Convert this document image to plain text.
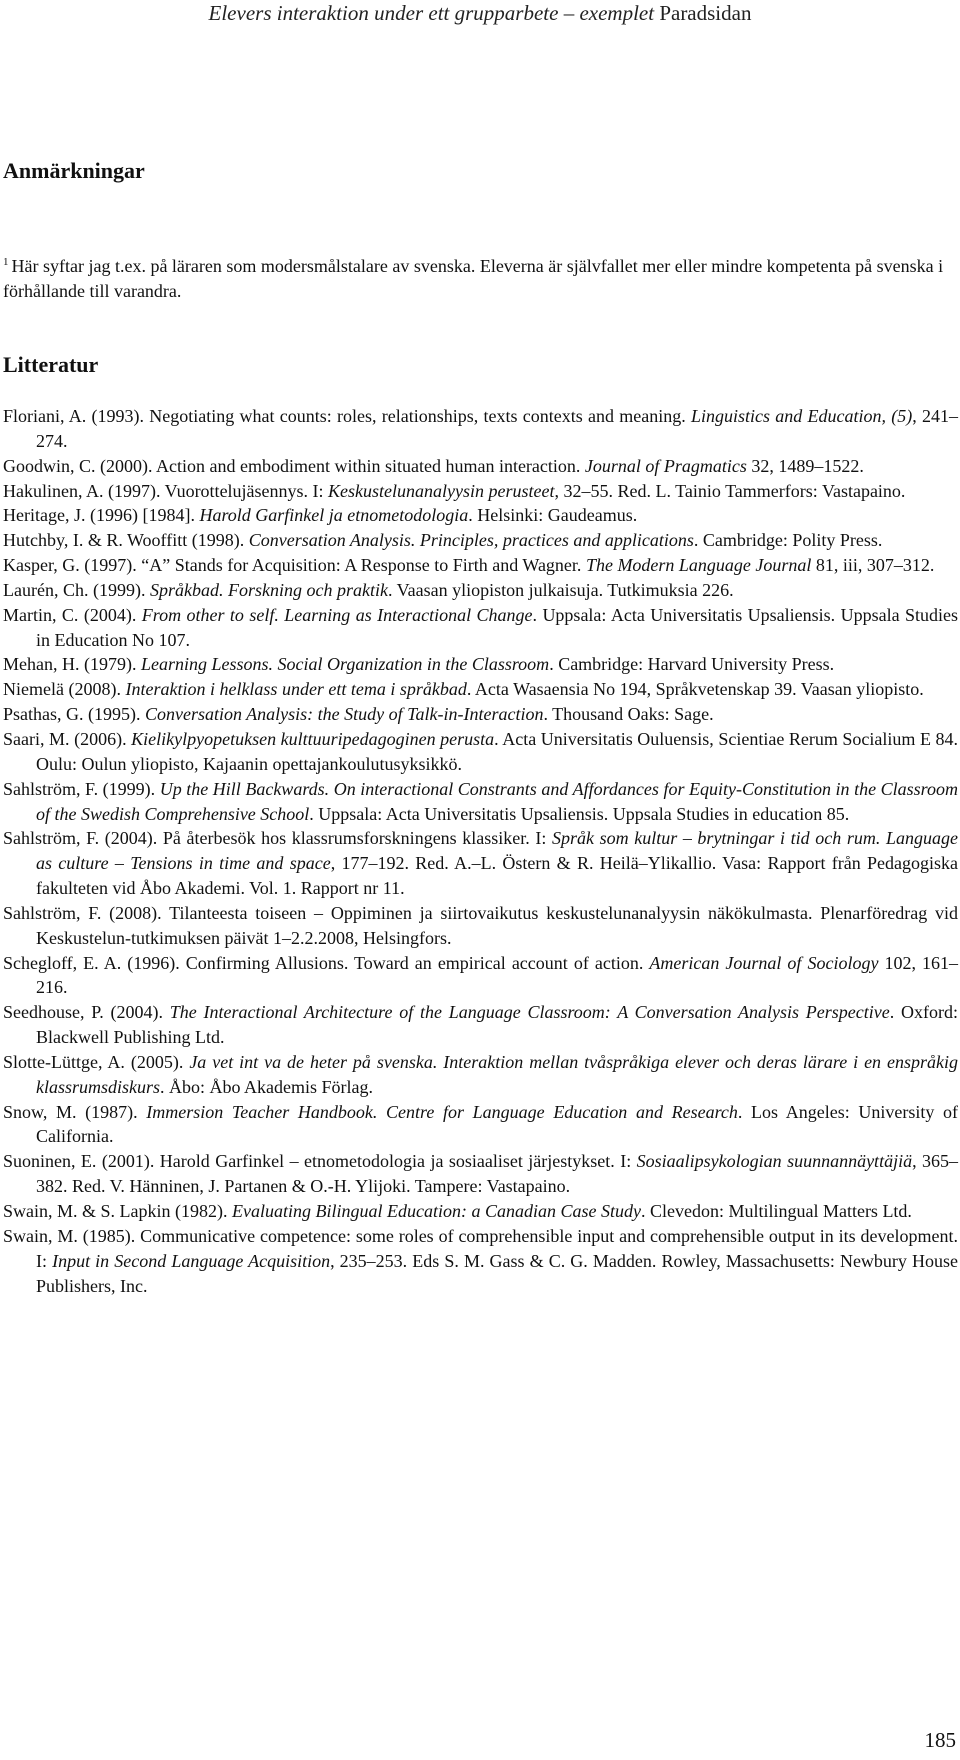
Elevers interaktion under ett grupparbete – exemplet Paradsidan
Anmärkningar
$^1$ Här syftar jag t.ex. på läraren som modersmålstalare av svenska. Eleverna är självfallet mer eller mindre kompetenta på svenska i förhållande till varandra.
Litteratur

Floriani, A. (1993). Negotiating what counts: roles, relationships, texts contexts and meaning. Linguistics and Education, (5), 241–274.

Goodwin, C. (2000). Action and embodiment within situated human interaction. Journal of Pragmatics 32, 1489–1522.

Hakulinen, A. (1997). Vuorottelujäsennys. I: Keskustelunanalyysin perusteet, 32–55. Red. L. Tainio Tammerfors: Vastapaino.

Heritage, J. (1996) [1984]. Harold Garfinkel ja etnometodologia. Helsinki: Gaudeamus.

Hutchby, I. & R. Wooffitt (1998). Conversation Analysis. Principles, practices and applications. Cambridge: Polity Press.

Kasper, G. (1997). “A” Stands for Acquisition: A Response to Firth and Wagner. The Modern Language Journal 81, iii, 307–312.

Laurén, Ch. (1999). Språkbad. Forskning och praktik. Vaasan yliopiston julkaisuja. Tutkimuksia 226.

Martin, C. (2004). From other to self. Learning as Interactional Change. Uppsala: Acta Universitatis Upsaliensis. Uppsala Studies in Education No 107.

Mehan, H. (1979). Learning Lessons. Social Organization in the Classroom. Cambridge: Harvard University Press.

Niemelä (2008). Interaktion i helklass under ett tema i språkbad. Acta Wasaensia No 194, Språkvetenskap 39. Vaasan yliopisto.

Psathas, G. (1995). Conversation Analysis: the Study of Talk-in-Interaction. Thousand Oaks: Sage.

Saari, M. (2006). Kielikylpyopetuksen kulttuuripedagoginen perusta. Acta Universitatis Ouluensis, Scientiae Rerum Socialium E 84. Oulu: Oulun yliopisto, Kajaanin opettajankoulutusyksikkö.

Sahlström, F. (1999). Up the Hill Backwards. On interactional Constrants and Affordances for Equity-Constitution in the Classroom of the Swedish Comprehensive School. Uppsala: Acta Universitatis Upsaliensis. Uppsala Studies in education 85.

Sahlström, F. (2004). På återbesök hos klassrumsforskningens klassiker. I: Språk som kultur – brytningar i tid och rum. Language as culture – Tensions in time and space, 177–192. Red. A.–L. Östern & R. Heilä–Ylikallio. Vasa: Rapport från Pedagogiska fakulteten vid Åbo Akademi. Vol. 1. Rapport nr 11.

Sahlström, F. (2008). Tilanteesta toiseen – Oppiminen ja siirtovaikutus keskustelunanalyysin näkökulmasta. Plenarföredrag vid Keskustelun-tutkimuksen päivät 1–2.2.2008, Helsingfors.

Schegloff, E. A. (1996). Confirming Allusions. Toward an empirical account of action. American Journal of Sociology 102, 161–216.

Seedhouse, P. (2004). The Interactional Architecture of the Language Classroom: A Conversation Analysis Perspective. Oxford: Blackwell Publishing Ltd.

Slotte-Lüttge, A. (2005). Ja vet int va de heter på svenska. Interaktion mellan tvåspråkiga elever och deras lärare i en enspråkig klassrumsdiskurs. Åbo: Åbo Akademis Förlag.

Snow, M. (1987). Immersion Teacher Handbook. Centre for Language Education and Research. Los Angeles: University of California.

Suoninen, E. (2001). Harold Garfinkel – etnometodologia ja sosiaaliset järjestykset. I: Sosiaalipsykologian suunnannäyttäjiä, 365–382. Red. V. Hänninen, J. Partanen & O.-H. Ylijoki. Tampere: Vastapaino.

Swain, M. & S. Lapkin (1982). Evaluating Bilingual Education: a Canadian Case Study. Clevedon: Multilingual Matters Ltd.

Swain, M. (1985). Communicative competence: some roles of comprehensible input and comprehensible output in its development. I: Input in Second Language Acquisition, 235–253. Eds S. M. Gass & C. G. Madden. Rowley, Massachusetts: Newbury House Publishers, Inc.

185
